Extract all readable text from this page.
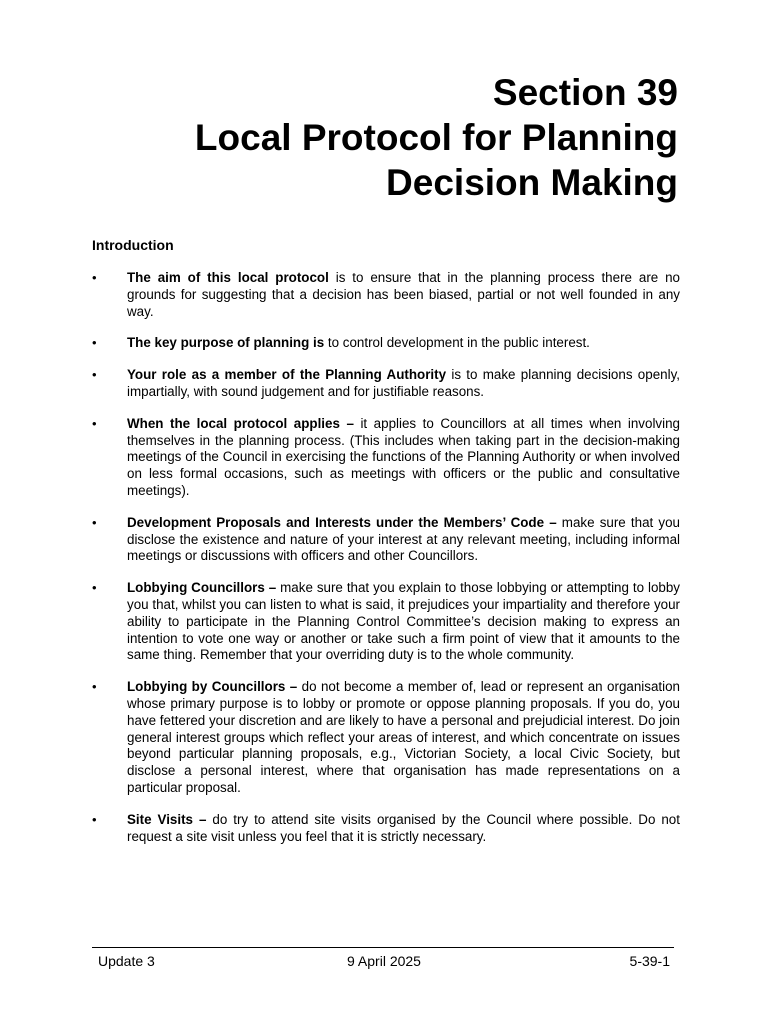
Section 39
Local Protocol for Planning
Decision Making
Introduction
•	The aim of this local protocol is to ensure that in the planning process there are no grounds for suggesting that a decision has been biased, partial or not well founded in any way.
•	The key purpose of planning is to control development in the public interest.
•	Your role as a member of the Planning Authority is to make planning decisions openly, impartially, with sound judgement and for justifiable reasons.
•	When the local protocol applies – it applies to Councillors at all times when involving themselves in the planning process. (This includes when taking part in the decision-making meetings of the Council in exercising the functions of the Planning Authority or when involved on less formal occasions, such as meetings with officers or the public and consultative meetings).
•	Development Proposals and Interests under the Members’ Code – make sure that you disclose the existence and nature of your interest at any relevant meeting, including informal meetings or discussions with officers and other Councillors.
•	Lobbying Councillors – make sure that you explain to those lobbying or attempting to lobby you that, whilst you can listen to what is said, it prejudices your impartiality and therefore your ability to participate in the Planning Control Committee’s decision making to express an intention to vote one way or another or take such a firm point of view that it amounts to the same thing. Remember that your overriding duty is to the whole community.
•	Lobbying by Councillors – do not become a member of, lead or represent an organisation whose primary purpose is to lobby or promote or oppose planning proposals. If you do, you have fettered your discretion and are likely to have a personal and prejudicial interest. Do join general interest groups which reflect your areas of interest, and which concentrate on issues beyond particular planning proposals, e.g., Victorian Society, a local Civic Society, but disclose a personal interest, where that organisation has made representations on a particular proposal.
•	Site Visits – do try to attend site visits organised by the Council where possible. Do not request a site visit unless you feel that it is strictly necessary.
Update 3	9 April 2025	5-39-1
